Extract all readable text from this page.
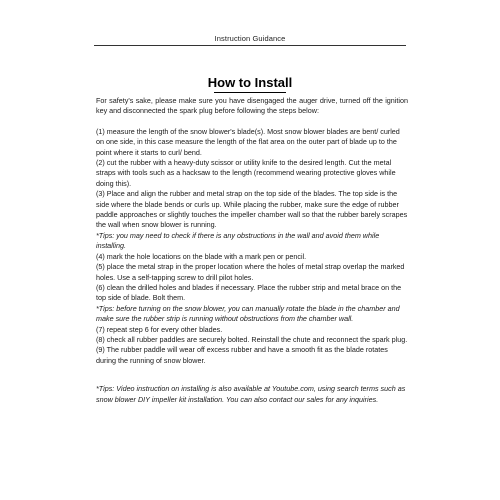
Instruction Guidance
How to Install

For safety's sake, please make sure you have disengaged the auger drive, turned off the ignition key and disconnected the spark plug before following the steps below:

(1) measure the length of the snow blower's blade(s). Most snow blower blades are bent/ curled on one side, in this case measure the length of the flat area on the outer part of blade up to the point where it starts to curl/ bend.

(2) cut the rubber with a heavy-duty scissor or utility knife to the desired length. Cut the metal straps with tools such as a hacksaw to the length (recommend wearing protective gloves while doing this).

(3) Place and align the rubber and metal strap on the top side of the blades. The top side is the side where the blade bends or curls up. While placing the rubber, make sure the edge of rubber paddle approaches or slightly touches the impeller chamber wall so that the rubber barely scrapes the wall when snow blower is running.

*Tips: you may need to check if there is any obstructions in the wall and avoid them while installing.

(4) mark the hole locations on the blade with a mark pen or pencil.

(5) place the metal strap in the proper location where the holes of metal strap overlap the marked holes. Use a self-tapping screw to drill pilot holes.

(6) clean the drilled holes and blades if necessary. Place the rubber strip and metal brace on the top side of blade. Bolt them.

*Tips: before turning on the snow blower, you can manually rotate the blade in the chamber and make sure the rubber strip is running without obstructions from the chamber wall.

(7) repeat step 6 for every other blades.

(8) check all rubber paddles are securely bolted. Reinstall the chute and reconnect the spark plug.

(9) The rubber paddle will wear off excess rubber and have a smooth fit as the blade rotates during the running of snow blower.

*Tips: Video instruction on installing is also available at Youtube.com, using search terms such as snow blower DIY impeller kit installation. You can also contact our sales for any inquiries.
